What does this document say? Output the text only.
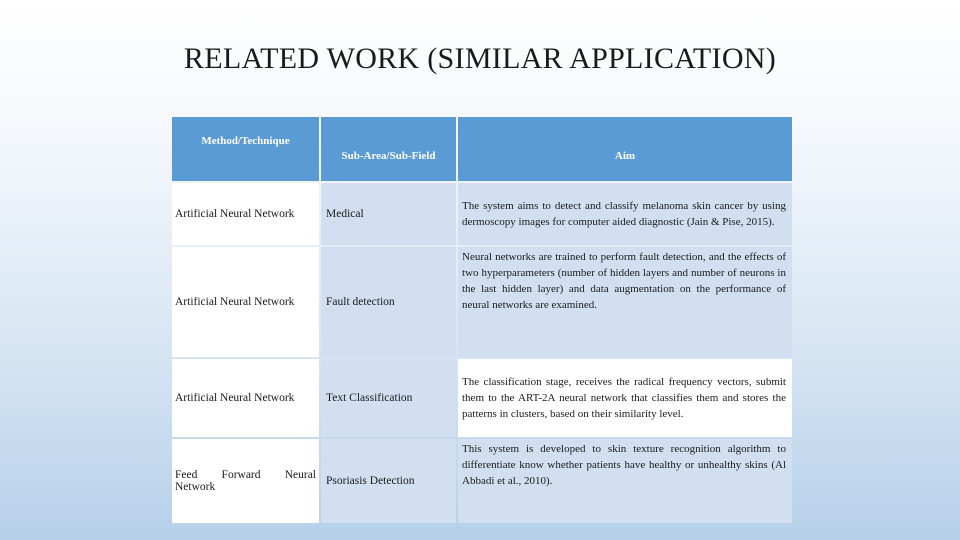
RELATED WORK (SIMILAR APPLICATION)
Method/Technique	Sub-Area/Sub-Field	Aim
Artificial Neural Network	Medical	The system aims to detect and classify melanoma skin cancer by using dermoscopy images for computer aided diagnostic (Jain & Pise, 2015).
Artificial Neural Network	Fault detection	Neural networks are trained to perform fault detection, and the effects of two hyperparameters (number of hidden layers and number of neurons in the last hidden layer) and data augmentation on the performance of neural networks are examined.
Artificial Neural Network	Text Classification	The classification stage, receives the radical frequency vectors, submit them to the ART-2A neural network that classifies them and stores the patterns in clusters, based on their similarity level.
Feed Forward Neural Network	Psoriasis Detection	This system is developed to skin texture recognition algorithm to differentiate know whether patients have healthy or unhealthy skins (Al Abbadi et al., 2010).
